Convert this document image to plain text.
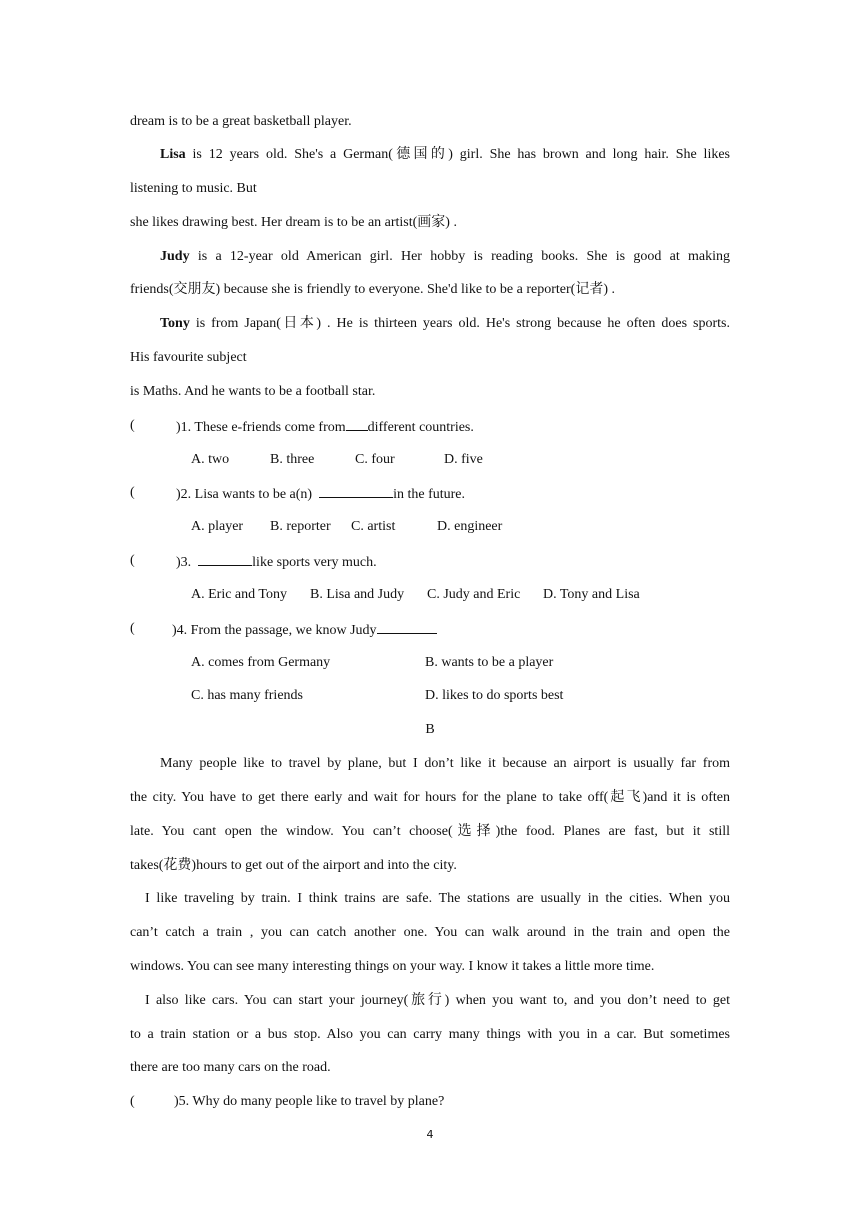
dream is to be a great basketball player.
Lisa is 12 years old. She's a German(德国的) girl. She has brown and long hair. She likes
listening to music. But
she likes drawing best. Her dream is to be an artist(画家) .
Judy is a 12-year old American girl. Her hobby is reading books. She is good at making
friends(交朋友) because she is friendly to everyone. She'd like to be a reporter(记者) .
Tony is from Japan(日本) . He is thirteen years old. He's strong because he often does sports.
His favourite subject
is Maths. And he wants to be a football star.
(	)1. These e-friends come from different countries.
A. two	B. three	C. four	D. five
(	)2. Lisa wants to be a(n)	in the future.
A. player B. reporter C. artist	D. engineer
(	)3.	like sports very much.
A. Eric and Tony B. Lisa and Judy C. Judy and Eric D. Tony and Lisa
(	)4. From the passage, we know Judy
A. comes from Germany	B. wants to be a player
C. has many friends	D. likes to do sports best
B
Many people like to travel by plane, but I don’t like it because an airport is usually far from
the city. You have to get there early and wait for hours for the plane to take off(起飞)and it is often
late. You cant open the window. You can’t choose(选择)the food. Planes are fast, but it still
takes(花费)hours to get out of the airport and into the city.
I like traveling by train. I think trains are safe. The stations are usually in the cities. When you
can’t catch a train , you can catch another one. You can walk around in the train and open the
windows. You can see many interesting things on your way. I know it takes a little more time.
I also like cars. You can start your journey(旅行) when you want to, and you don’t need to get
to a train station or a bus stop. Also you can carry many things with you in a car. But sometimes
there are too many cars on the road.
(	)5. Why do many people like to travel by plane?
4
